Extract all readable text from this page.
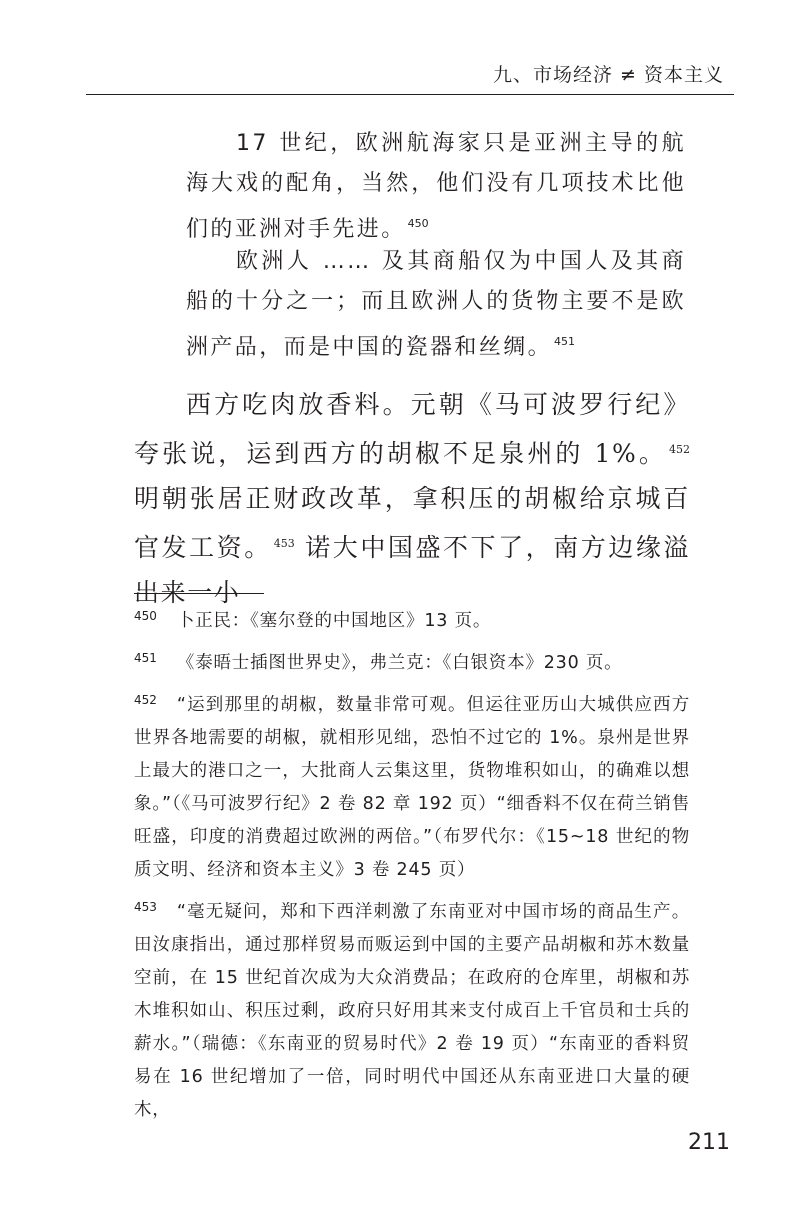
九、市场经济 ≠ 资本主义

17 世纪，欧洲航海家只是亚洲主导的航海大戏的配角，当然，他们没有几项技术比他们的亚洲对手先进。 $^{450}$

欧洲人 …… 及其商船仅为中国人及其商船的十分之一；而且欧洲人的货物主要不是欧洲产品，而是中国的瓷器和丝绸。 $^{451}$

西方吃肉放香料。元朝《马可波罗行纪》夸张说，运到西方的胡椒不足泉州的 1%。 $^{452}$ 明朝张居正财政改革，拿积压的胡椒给京城百官发工资。 $^{453}$ 诺大中国盛不下了，南方边缘溢出来一小

$^{450}$ 卜正民：《塞尔登的中国地区》13 页。

$^{451}$ 《泰晤士插图世界史》，弗兰克：《白银资本》230 页。

$^{452}$ “运到那里的胡椒，数量非常可观。但运往亚历山大城供应西方世界各地需要的胡椒，就相形见绌，恐怕不过它的 1%。泉州是世界上最大的港口之一，大批商人云集这里，货物堆积如山，的确难以想象。”（《马可波罗行纪》2 卷 82 章 192 页）“细香料不仅在荷兰销售旺盛，印度的消费超过欧洲的两倍。”（布罗代尔：《15~18 世纪的物质文明、经济和资本主义》3 卷 245 页）

$^{453}$ “毫无疑问，郑和下西洋刺激了东南亚对中国市场的商品生产。田汝康指出，通过那样贸易而贩运到中国的主要产品胡椒和苏木数量空前，在 15 世纪首次成为大众消费品；在政府的仓库里，胡椒和苏木堆积如山、积压过剩，政府只好用其来支付成百上千官员和士兵的薪水。”（瑞德：《东南亚的贸易时代》2 卷 19 页）“东南亚的香料贸易在 16 世纪增加了一倍，同时明代中国还从东南亚进口大量的硬木，

211
